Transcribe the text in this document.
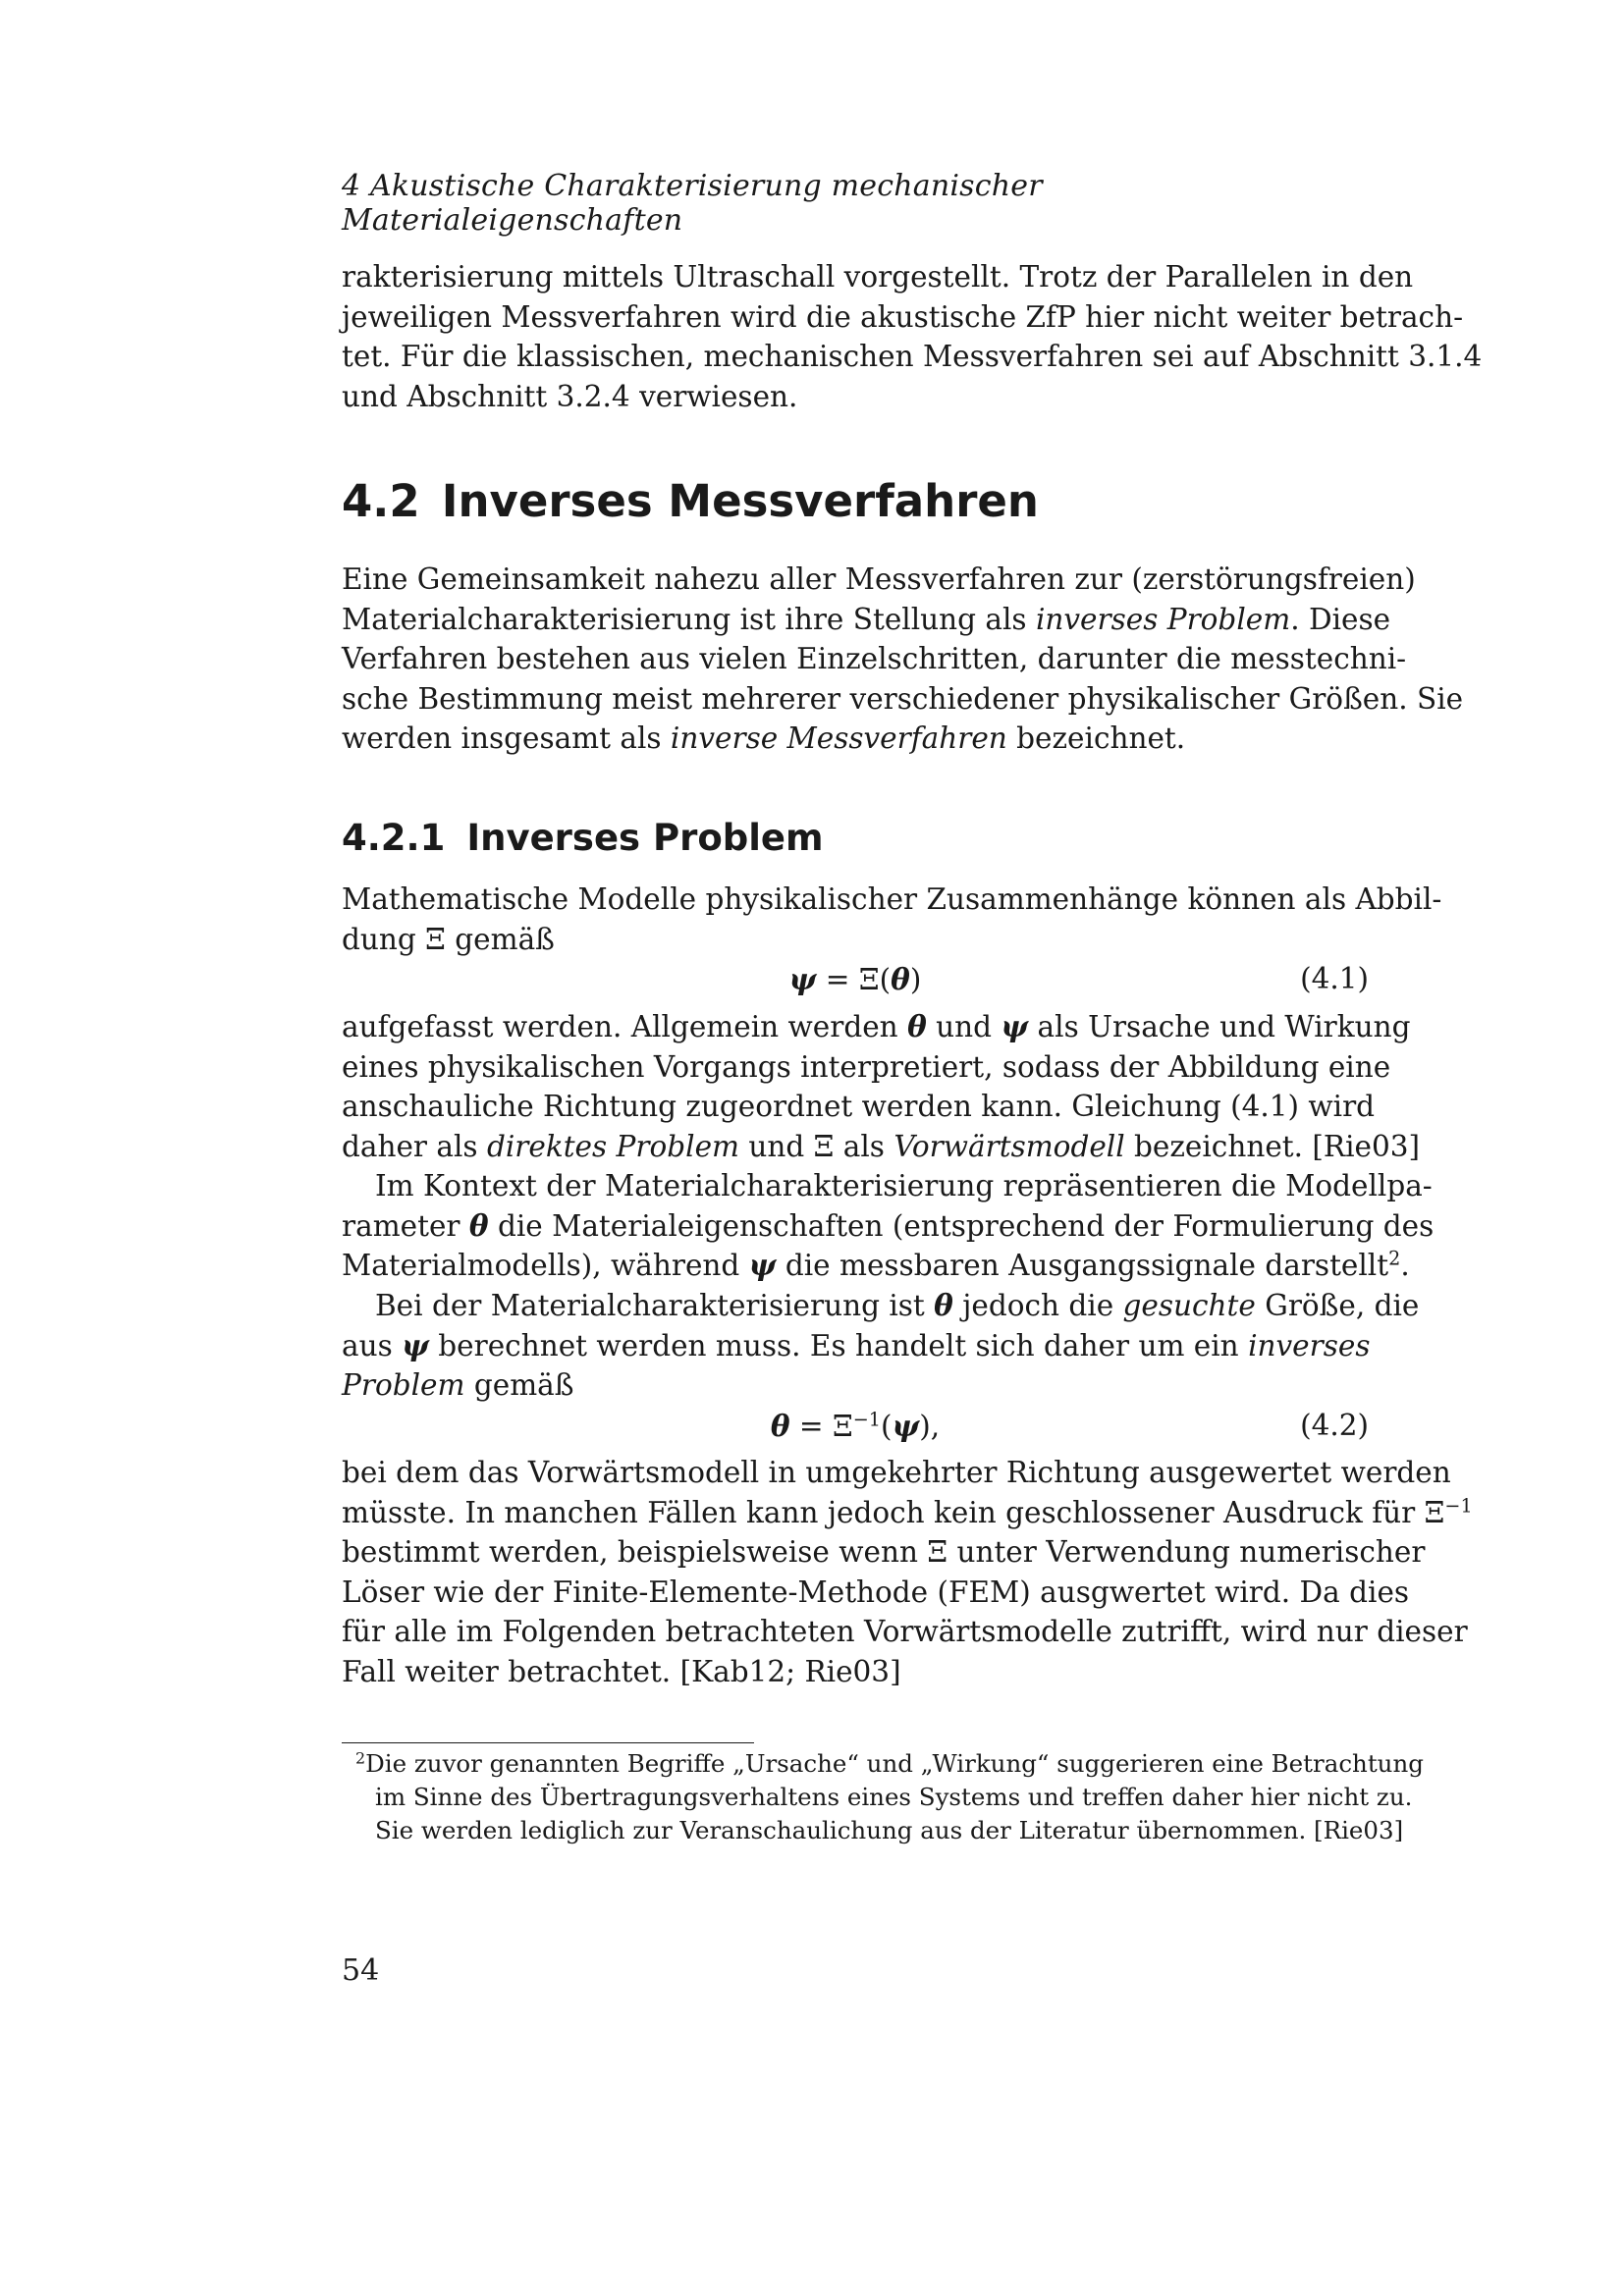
4 Akustische Charakterisierung mechanischer Materialeigenschaften
rakterisierung mittels Ultraschall vorgestellt. Trotz der Parallelen in den
jeweiligen Messverfahren wird die akustische ZfP hier nicht weiter betrach-
tet. Für die klassischen, mechanischen Messverfahren sei auf Abschnitt 3.1.4
und Abschnitt 3.2.4 verwiesen.
4.2 Inverses Messverfahren
Eine Gemeinsamkeit nahezu aller Messverfahren zur (zerstörungsfreien)
Materialcharakterisierung ist ihre Stellung als inverses Problem. Diese
Verfahren bestehen aus vielen Einzelschritten, darunter die messtechni-
sche Bestimmung meist mehrerer verschiedener physikalischer Größen. Sie
werden insgesamt als inverse Messverfahren bezeichnet.
4.2.1 Inverses Problem
Mathematische Modelle physikalischer Zusammenhänge können als Abbil-
dung Ξ gemäß
ψ = Ξ(θ)	(4.1)
aufgefasst werden. Allgemein werden θ und ψ als Ursache und Wirkung
eines physikalischen Vorgangs interpretiert, sodass der Abbildung eine
anschauliche Richtung zugeordnet werden kann. Gleichung (4.1) wird
daher als direktes Problem und Ξ als Vorwärtsmodell bezeichnet. [Rie03]
Im Kontext der Materialcharakterisierung repräsentieren die Modellpa-
rameter θ die Materialeigenschaften (entsprechend der Formulierung des
Materialmodells), während ψ die messbaren Ausgangssignale darstellt$^2$.
Bei der Materialcharakterisierung ist θ jedoch die gesuchte Größe, die
aus ψ berechnet werden muss. Es handelt sich daher um ein inverses
Problem gemäß
$\theta = \Xi^{-1}(\psi)$,	(4.2)
bei dem das Vorwärtsmodell in umgekehrter Richtung ausgewertet werden
müsste. In manchen Fällen kann jedoch kein geschlossener Ausdruck für $\Xi^{-1}$
bestimmt werden, beispielsweise wenn Ξ unter Verwendung numerischer
Löser wie der Finite-Elemente-Methode (FEM) ausgwertet wird. Da dies
für alle im Folgenden betrachteten Vorwärtsmodelle zutrifft, wird nur dieser
Fall weiter betrachtet. [Kab12; Rie03]
$^2$Die zuvor genannten Begriffe „Ursache“ und „Wirkung“ suggerieren eine Betrachtung
im Sinne des Übertragungsverhaltens eines Systems und treffen daher hier nicht zu.
Sie werden lediglich zur Veranschaulichung aus der Literatur übernommen. [Rie03]
54
